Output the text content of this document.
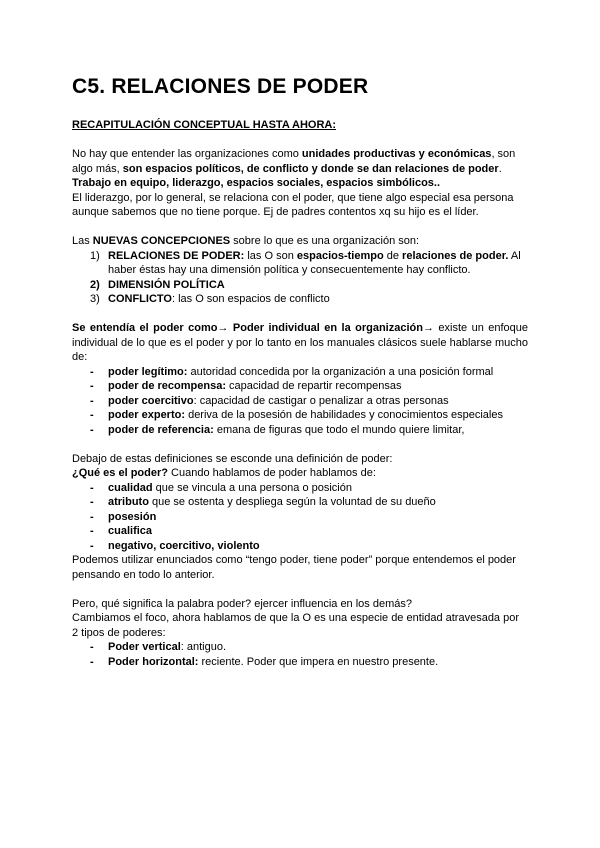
C5. RELACIONES DE PODER
RECAPITULACIÓN CONCEPTUAL HASTA AHORA:

No hay que entender las organizaciones como unidades productivas y económicas, son algo más, son espacios políticos, de conflicto y donde se dan relaciones de poder. Trabajo en equipo, liderazgo, espacios sociales, espacios simbólicos..

El liderazgo, por lo general, se relaciona con el poder, que tiene algo especial esa persona aunque sabemos que no tiene porque. Ej de padres contentos xq su hijo es el líder.

Las NUEVAS CONCEPCIONES sobre lo que es una organización son:

1) RELACIONES DE PODER: las O son espacios-tiempo de relaciones de poder. Al haber éstas hay una dimensión política y consecuentemente hay conflicto.
2) DIMENSIÓN POLÍTICA
3) CONFLICTO: las O son espacios de conflicto

Se entendía el poder como→ Poder individual en la organización→ existe un enfoque individual de lo que es el poder y por lo tanto en los manuales clásicos suele hablarse mucho de:

- poder legítimo: autoridad concedida por la organización a una posición formal
- poder de recompensa: capacidad de repartir recompensas
- poder coercitivo: capacidad de castigar o penalizar a otras personas
- poder experto: deriva de la posesión de habilidades y conocimientos especiales
- poder de referencia: emana de figuras que todo el mundo quiere limitar,

Debajo de estas definiciones se esconde una definición de poder:

¿Qué es el poder? Cuando hablamos de poder hablamos de:

- cualidad que se vincula a una persona o posición
- atributo que se ostenta y despliega según la voluntad de su dueño
- posesión
- cualifica
- negativo, coercitivo, violento

Podemos utilizar enunciados como “tengo poder, tiene poder” porque entendemos el poder pensando en todo lo anterior.

Pero, qué significa la palabra poder? ejercer influencia en los demás?

Cambiamos el foco, ahora hablamos de que la O es una especie de entidad atravesada por 2 tipos de poderes:

- Poder vertical: antiguo.
- Poder horizontal: reciente. Poder que impera en nuestro presente.
